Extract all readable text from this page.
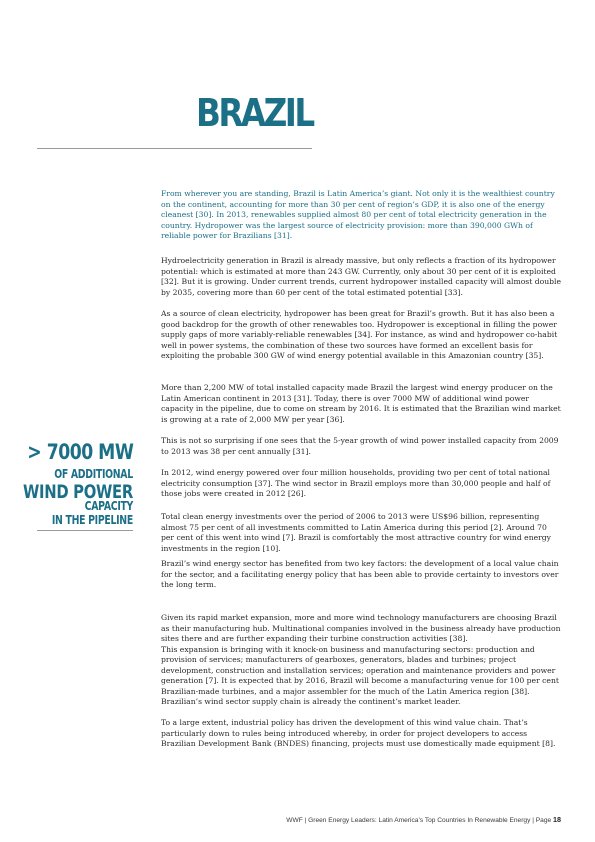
BRAZIL
> 7000 MW
OF ADDITIONAL
WIND POWER
CAPACITY
IN THE PIPELINE

From wherever you are standing, Brazil is Latin America’s giant. Not only it is the wealthiest country on the continent, accounting for more than 30 per cent of region’s GDP, it is also one of the energy cleanest [30]. In 2013, renewables supplied almost 80 per cent of total electricity generation in the country. Hydropower was the largest source of electricity provision: more than 390,000 GWh of reliable power for Brazilians [31].

Hydroelectricity generation in Brazil is already massive, but only reflects a fraction of its hydropower potential: which is estimated at more than 243 GW. Currently, only about 30 per cent of it is exploited [32]. But it is growing. Under current trends, current hydropower installed capacity will almost double by 2035, covering more than 60 per cent of the total estimated potential [33].

As a source of clean electricity, hydropower has been great for Brazil’s growth. But it has also been a good backdrop for the growth of other renewables too. Hydropower is exceptional in filling the power supply gaps of more variably-reliable renewables [34]. For instance, as wind and hydropower co-habit well in power systems, the combination of these two sources have formed an excellent basis for exploiting the probable 300 GW of wind energy potential available in this Amazonian country [35].

More than 2,200 MW of total installed capacity made Brazil the largest wind energy producer on the Latin American continent in 2013 [31]. Today, there is over 7000 MW of additional wind power capacity in the pipeline, due to come on stream by 2016. It is estimated that the Brazilian wind market is growing at a rate of 2,000 MW per year [36].

This is not so surprising if one sees that the 5-year growth of wind power installed capacity from 2009 to 2013 was 38 per cent annually [31].

In 2012, wind energy powered over four million households, providing two per cent of total national electricity consumption [37]. The wind sector in Brazil employs more than 30,000 people and half of those jobs were created in 2012 [26].

Total clean energy investments over the period of 2006 to 2013 were US$96 billion, representing almost 75 per cent of all investments committed to Latin America during this period [2]. Around 70 per cent of this went into wind [7]. Brazil is comfortably the most attractive country for wind energy investments in the region [10].

Brazil’s wind energy sector has benefited from two key factors: the development of a local value chain for the sector, and a facilitating energy policy that has been able to provide certainty to investors over the long term.

Given its rapid market expansion, more and more wind technology manufacturers are choosing Brazil as their manufacturing hub. Multinational companies involved in the business already have production sites there and are further expanding their turbine construction activities [38].

This expansion is bringing with it knock-on business and manufacturing sectors: production and provision of services; manufacturers of gearboxes, generators, blades and turbines; project development, construction and installation services; operation and maintenance providers and power generation [7]. It is expected that by 2016, Brazil will become a manufacturing venue for 100 per cent Brazilian-made turbines, and a major assembler for the much of the Latin America region [38]. Brazilian’s wind sector supply chain is already the continent’s market leader.

To a large extent, industrial policy has driven the development of this wind value chain. That’s particularly down to rules being introduced whereby, in order for project developers to access Brazilian Development Bank (BNDES) financing, projects must use domestically made equipment [8].

WWF | Green Energy Leaders: Latin America’s Top Countries In Renewable Energy | Page 18
